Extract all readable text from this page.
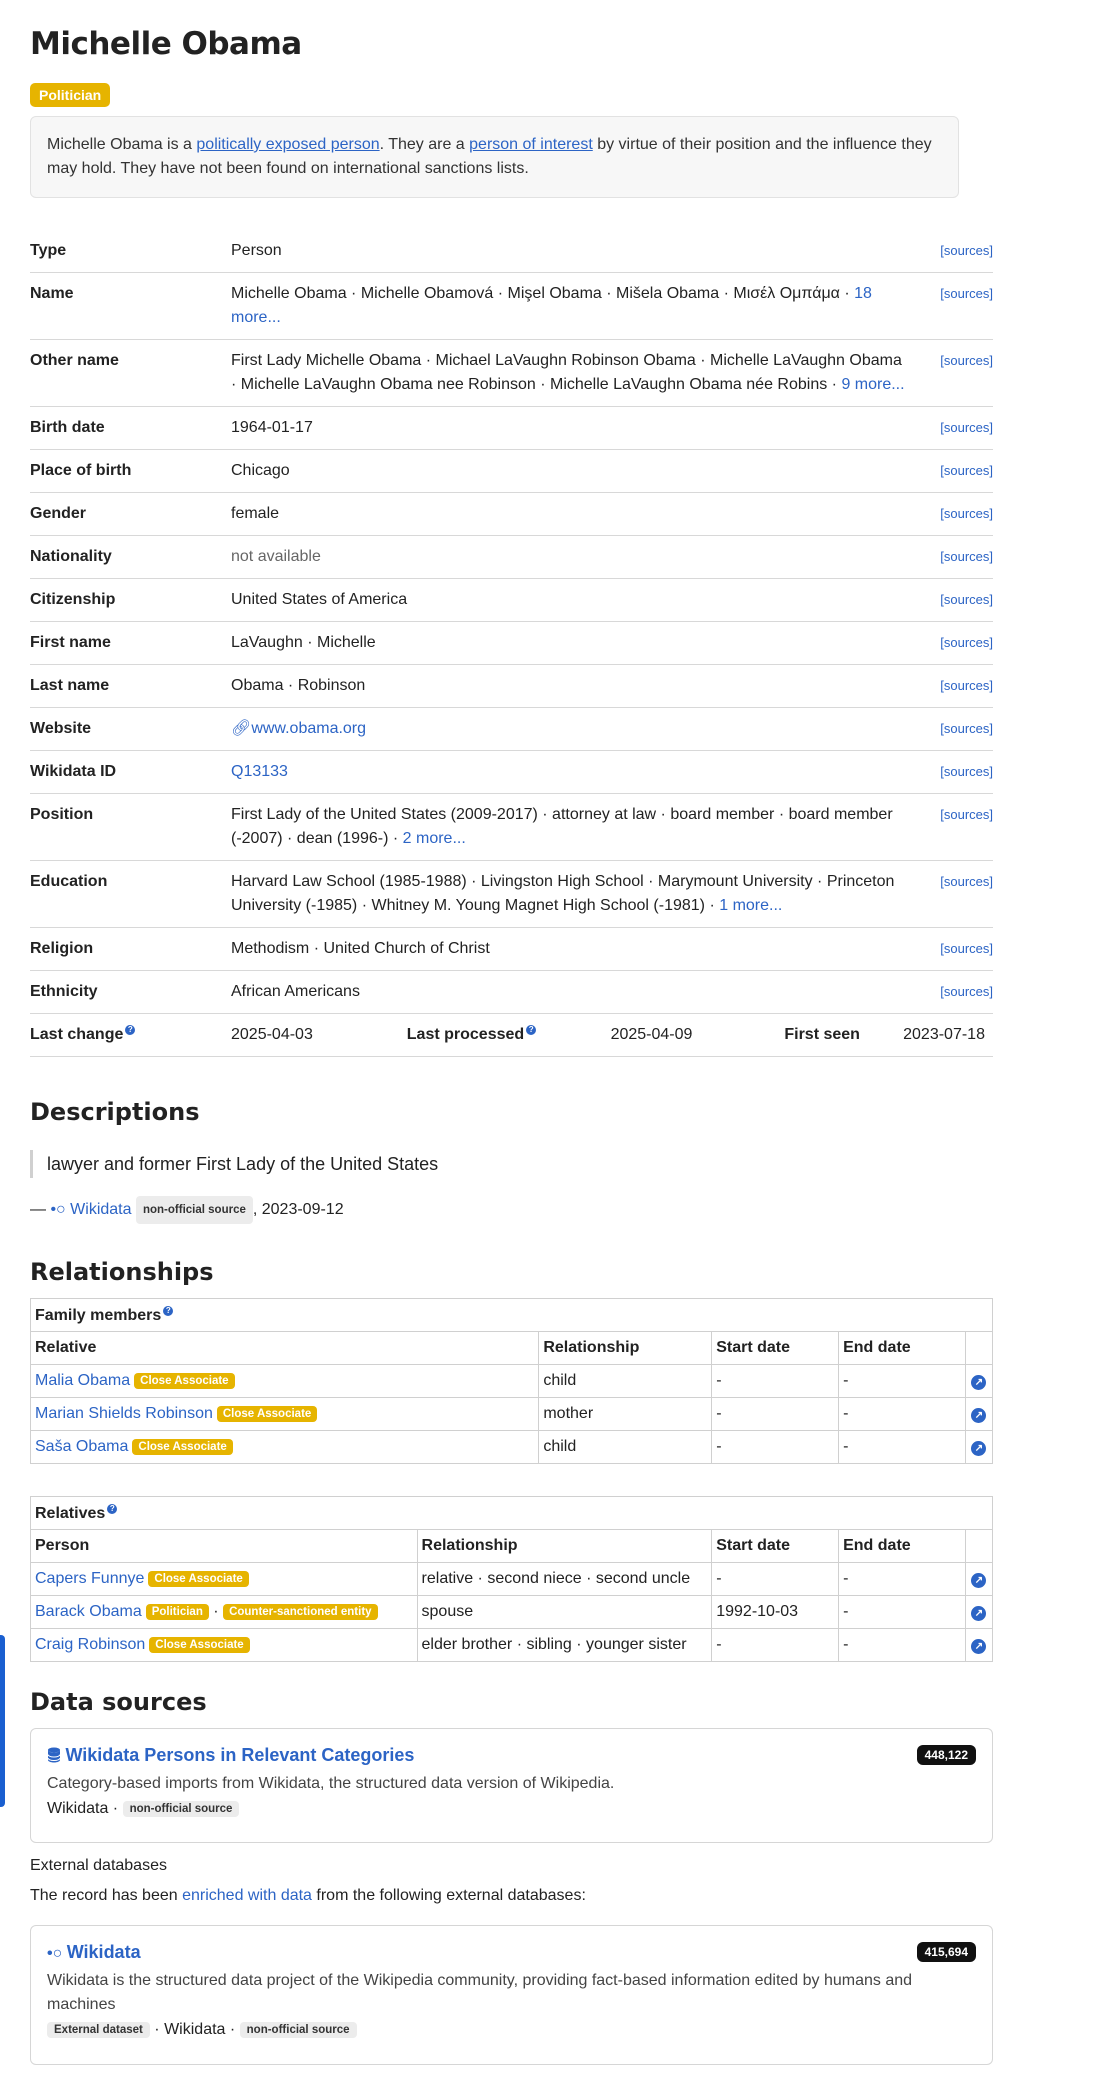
Michelle Obama
Politician
Michelle Obama is a politically exposed person. They are a person of interest by virtue of their position and the influence they may hold. They have not been found on international sanctions lists.
Type	Person	[sources]
Name	Michelle Obama · Michelle Obamová · Mişel Obama · Mišela Obama · Μισέλ Ομπάμα · 18 more...	[sources]
Other name	First Lady Michelle Obama · Michael LaVaughn Robinson Obama · Michelle LaVaughn Obama · Michelle LaVaughn Obama nee Robinson · Michelle LaVaughn Obama née Robins · 9 more...	[sources]
Birth date	1964-01-17	[sources]
Place of birth	Chicago	[sources]
Gender	female	[sources]
Nationality	not available	[sources]
Citizenship	United States of America	[sources]
First name	LaVaughn · Michelle	[sources]
Last name	Obama · Robinson	[sources]
Website	🔗︎www.obama.org	[sources]
Wikidata ID	Q13133	[sources]
Position	First Lady of the United States (2009-2017) · attorney at law · board member · board member (-2007) · dean (1996-) · 2 more...	[sources]
Education	Harvard Law School (1985-1988) · Livingston High School · Marymount University · Princeton University (-1985) · Whitney M. Young Magnet High School (-1981) · 1 more...	[sources]
Religion	Methodism · United Church of Christ	[sources]
Ethnicity	African Americans	[sources]
Last change ?	2025-04-03 Last processed ? 2025-04-09 First seen 2023-07-18	
Descriptions
lawyer and former First Lady of the United States
— •○ Wikidata non-official source , 2023-09-12
Relationships
Family members ?				
Relative	Relationship	Start date	End date	
Malia Obama Close Associate	child	-	-	↗
Marian Shields Robinson Close Associate	mother	-	-	↗
Saša Obama Close Associate	child	-	-	↗
Relatives ?				
Person	Relationship	Start date	End date	
Capers Funnye Close Associate	relative · second niece · second uncle	-	-	↗
Barack Obama Politician · Counter-sanctioned entity	spouse	1992-10-03	-	↗
Craig Robinson Close Associate	elder brother · sibling · younger sister	-	-	↗
Data sources
Wikidata Persons in Relevant Categories	448,122
Category-based imports from Wikidata, the structured data version of Wikipedia.
Wikidata · non-official source
External databases
The record has been enriched with data from the following external databases:
•○ Wikidata	415,694
Wikidata is the structured data project of the Wikipedia community, providing fact-based information edited by humans and machines
External dataset · Wikidata · non-official source
